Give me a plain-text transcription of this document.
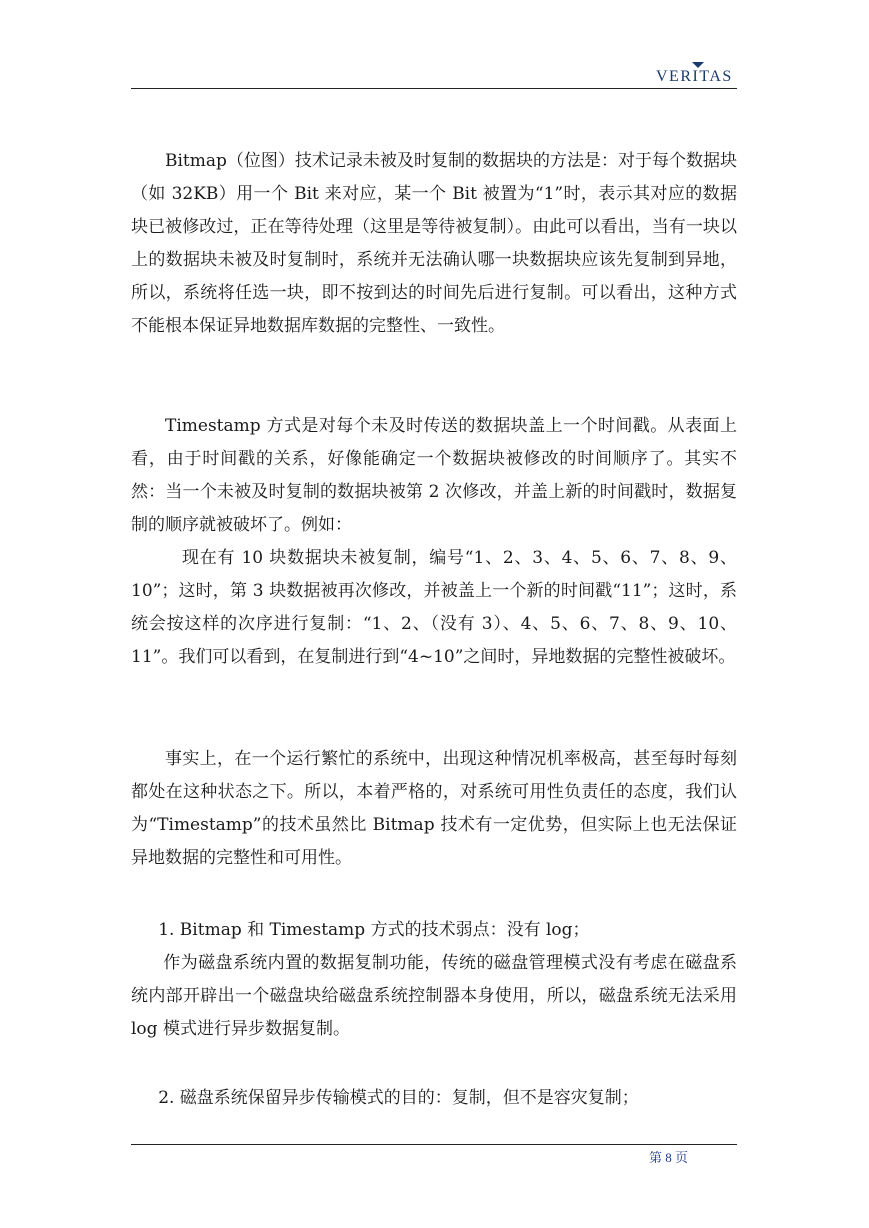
VERITAS

Bitmap（位图）技术记录未被及时复制的数据块的方法是：对于每个数据块（如 32KB）用一个 Bit 来对应，某一个 Bit 被置为“1”时，表示其对应的数据块已被修改过，正在等待处理（这里是等待被复制）。由此可以看出，当有一块以上的数据块未被及时复制时，系统并无法确认哪一块数据块应该先复制到异地，所以，系统将任选一块，即不按到达的时间先后进行复制。可以看出，这种方式不能根本保证异地数据库数据的完整性、一致性。

Timestamp 方式是对每个未及时传送的数据块盖上一个时间戳。从表面上看，由于时间戳的关系，好像能确定一个数据块被修改的时间顺序了。其实不然：当一个未被及时复制的数据块被第 2 次修改，并盖上新的时间戳时，数据复制的顺序就被破坏了。例如：

现在有 10 块数据块未被复制，编号“1、2、3、4、5、6、7、8、9、10”；这时，第 3 块数据被再次修改，并被盖上一个新的时间戳“11”；这时，系统会按这样的次序进行复制：“1、2、（没有 3）、4、5、6、7、8、9、10、11”。我们可以看到，在复制进行到“4~10”之间时，异地数据的完整性被破坏。

事实上，在一个运行繁忙的系统中，出现这种情况机率极高，甚至每时每刻都处在这种状态之下。所以，本着严格的，对系统可用性负责任的态度，我们认为“Timestamp”的技术虽然比 Bitmap 技术有一定优势，但实际上也无法保证异地数据的完整性和可用性。

1. Bitmap 和 Timestamp 方式的技术弱点：没有 log；

作为磁盘系统内置的数据复制功能，传统的磁盘管理模式没有考虑在磁盘系统内部开辟出一个磁盘块给磁盘系统控制器本身使用，所以，磁盘系统无法采用 log 模式进行异步数据复制。

2. 磁盘系统保留异步传输模式的目的：复制，但不是容灾复制；

第 8 页
